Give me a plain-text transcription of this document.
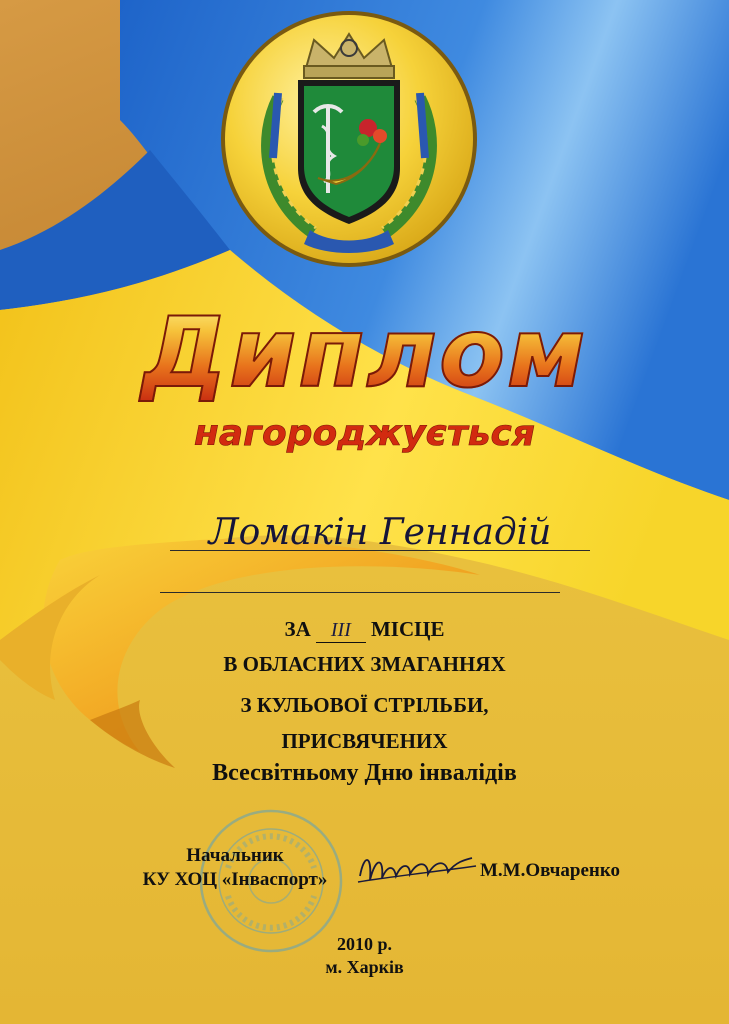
Диплом
нагороджується
Ломакін Геннадій
ЗА III МІСЦЕ
В ОБЛАСНИХ ЗМАГАННЯХ
З КУЛЬОВОЇ СТРІЛЬБИ,
ПРИСВЯЧЕНИХ
Всесвітньому Дню інвалідів
Начальник
КУ ХОЦ «Інваспорт»	М.М.Овчаренко
2010 р.
м. Харків
